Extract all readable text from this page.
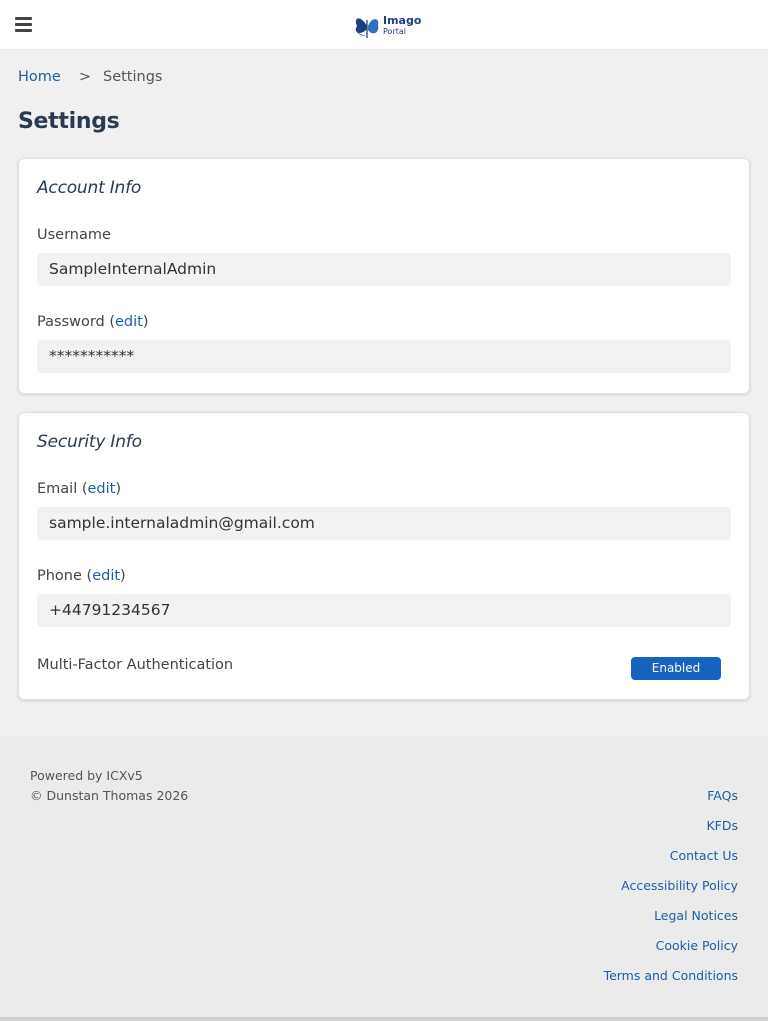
Imago
Portal
Home > Settings
Settings
Account Info
Username
SampleInternalAdmin
Password (edit)
***********
Security Info
Email (edit)
sample.internaladmin@gmail.com
Phone (edit)
+44791234567
Multi-Factor Authentication	Enabled
Powered by ICXv5
© Dunstan Thomas 2026	FAQs
KFDs
Contact Us
Accessibility Policy
Legal Notices
Cookie Policy
Terms and Conditions
